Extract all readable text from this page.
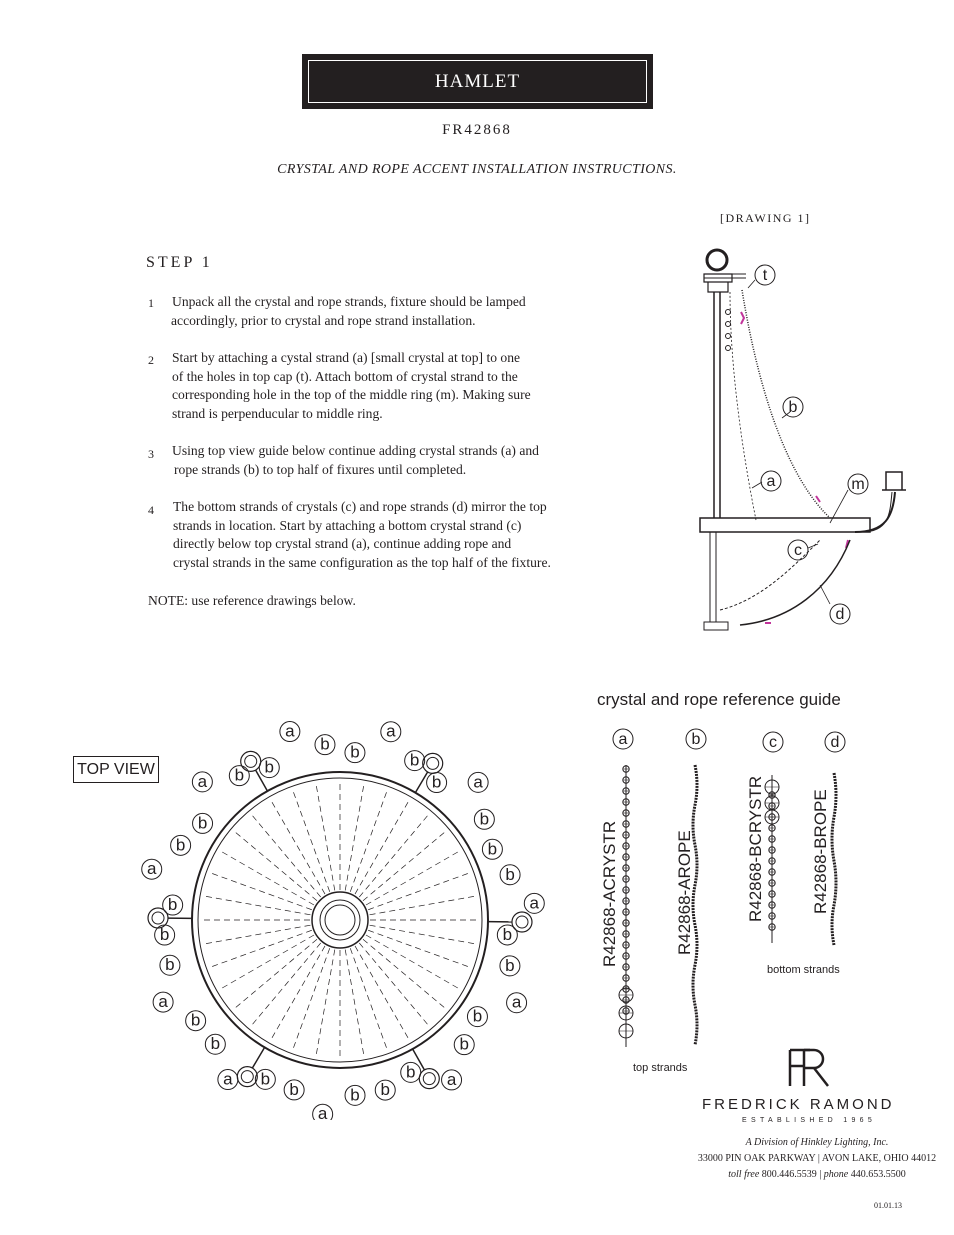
HAMLET
FR42868
CRYSTAL AND ROPE ACCENT INSTALLATION INSTRUCTIONS.
[DRAWING 1]
STEP 1
1 Unpack all the crystal and rope strands, fixture should be lamped
accordingly, prior to crystal and rope strand installation.
2 Start by attaching a cystal strand (a) [small crystal at top] to one
of the holes in top cap (t). Attach bottom of crystal strand to the
corresponding hole in the top of the middle ring (m). Making sure
strand is perpenducular to middle ring.
3 Using top view guide below continue adding crystal strands (a) and
rope strands (b) to top half of fixures until completed.
4 The bottom strands of crystals (c) and rope strands (d) mirror the top
strands in location. Start by attaching a bottom crystal strand (c)
directly below top crystal strand (a), continue adding rope and
crystal strands in the same configuration as the top half of the fixture.
NOTE: use reference drawings below.
t
b
a	m
c
d
TOP VIEW
a
b b
a
b
b a
b
b
b
a
b
b
a
b
b
a
b
b
b
a
b
b
a
b
b
a
b
b
b
a
b
b
a b b
crystal and rope reference guide
a	b	c	d
R42868-ACRYSTR	R42868-AROPE	R42868-BCRYSTR	R42868-BROPE
bottom strands
top strands
FREDRICK RAMOND
ESTABLISHED 1965
A Division of Hinkley Lighting, Inc.
33000 PIN OAK PARKWAY | AVON LAKE, OHIO 44012
toll free 800.446.5539 | phone 440.653.5500
01.01.13
